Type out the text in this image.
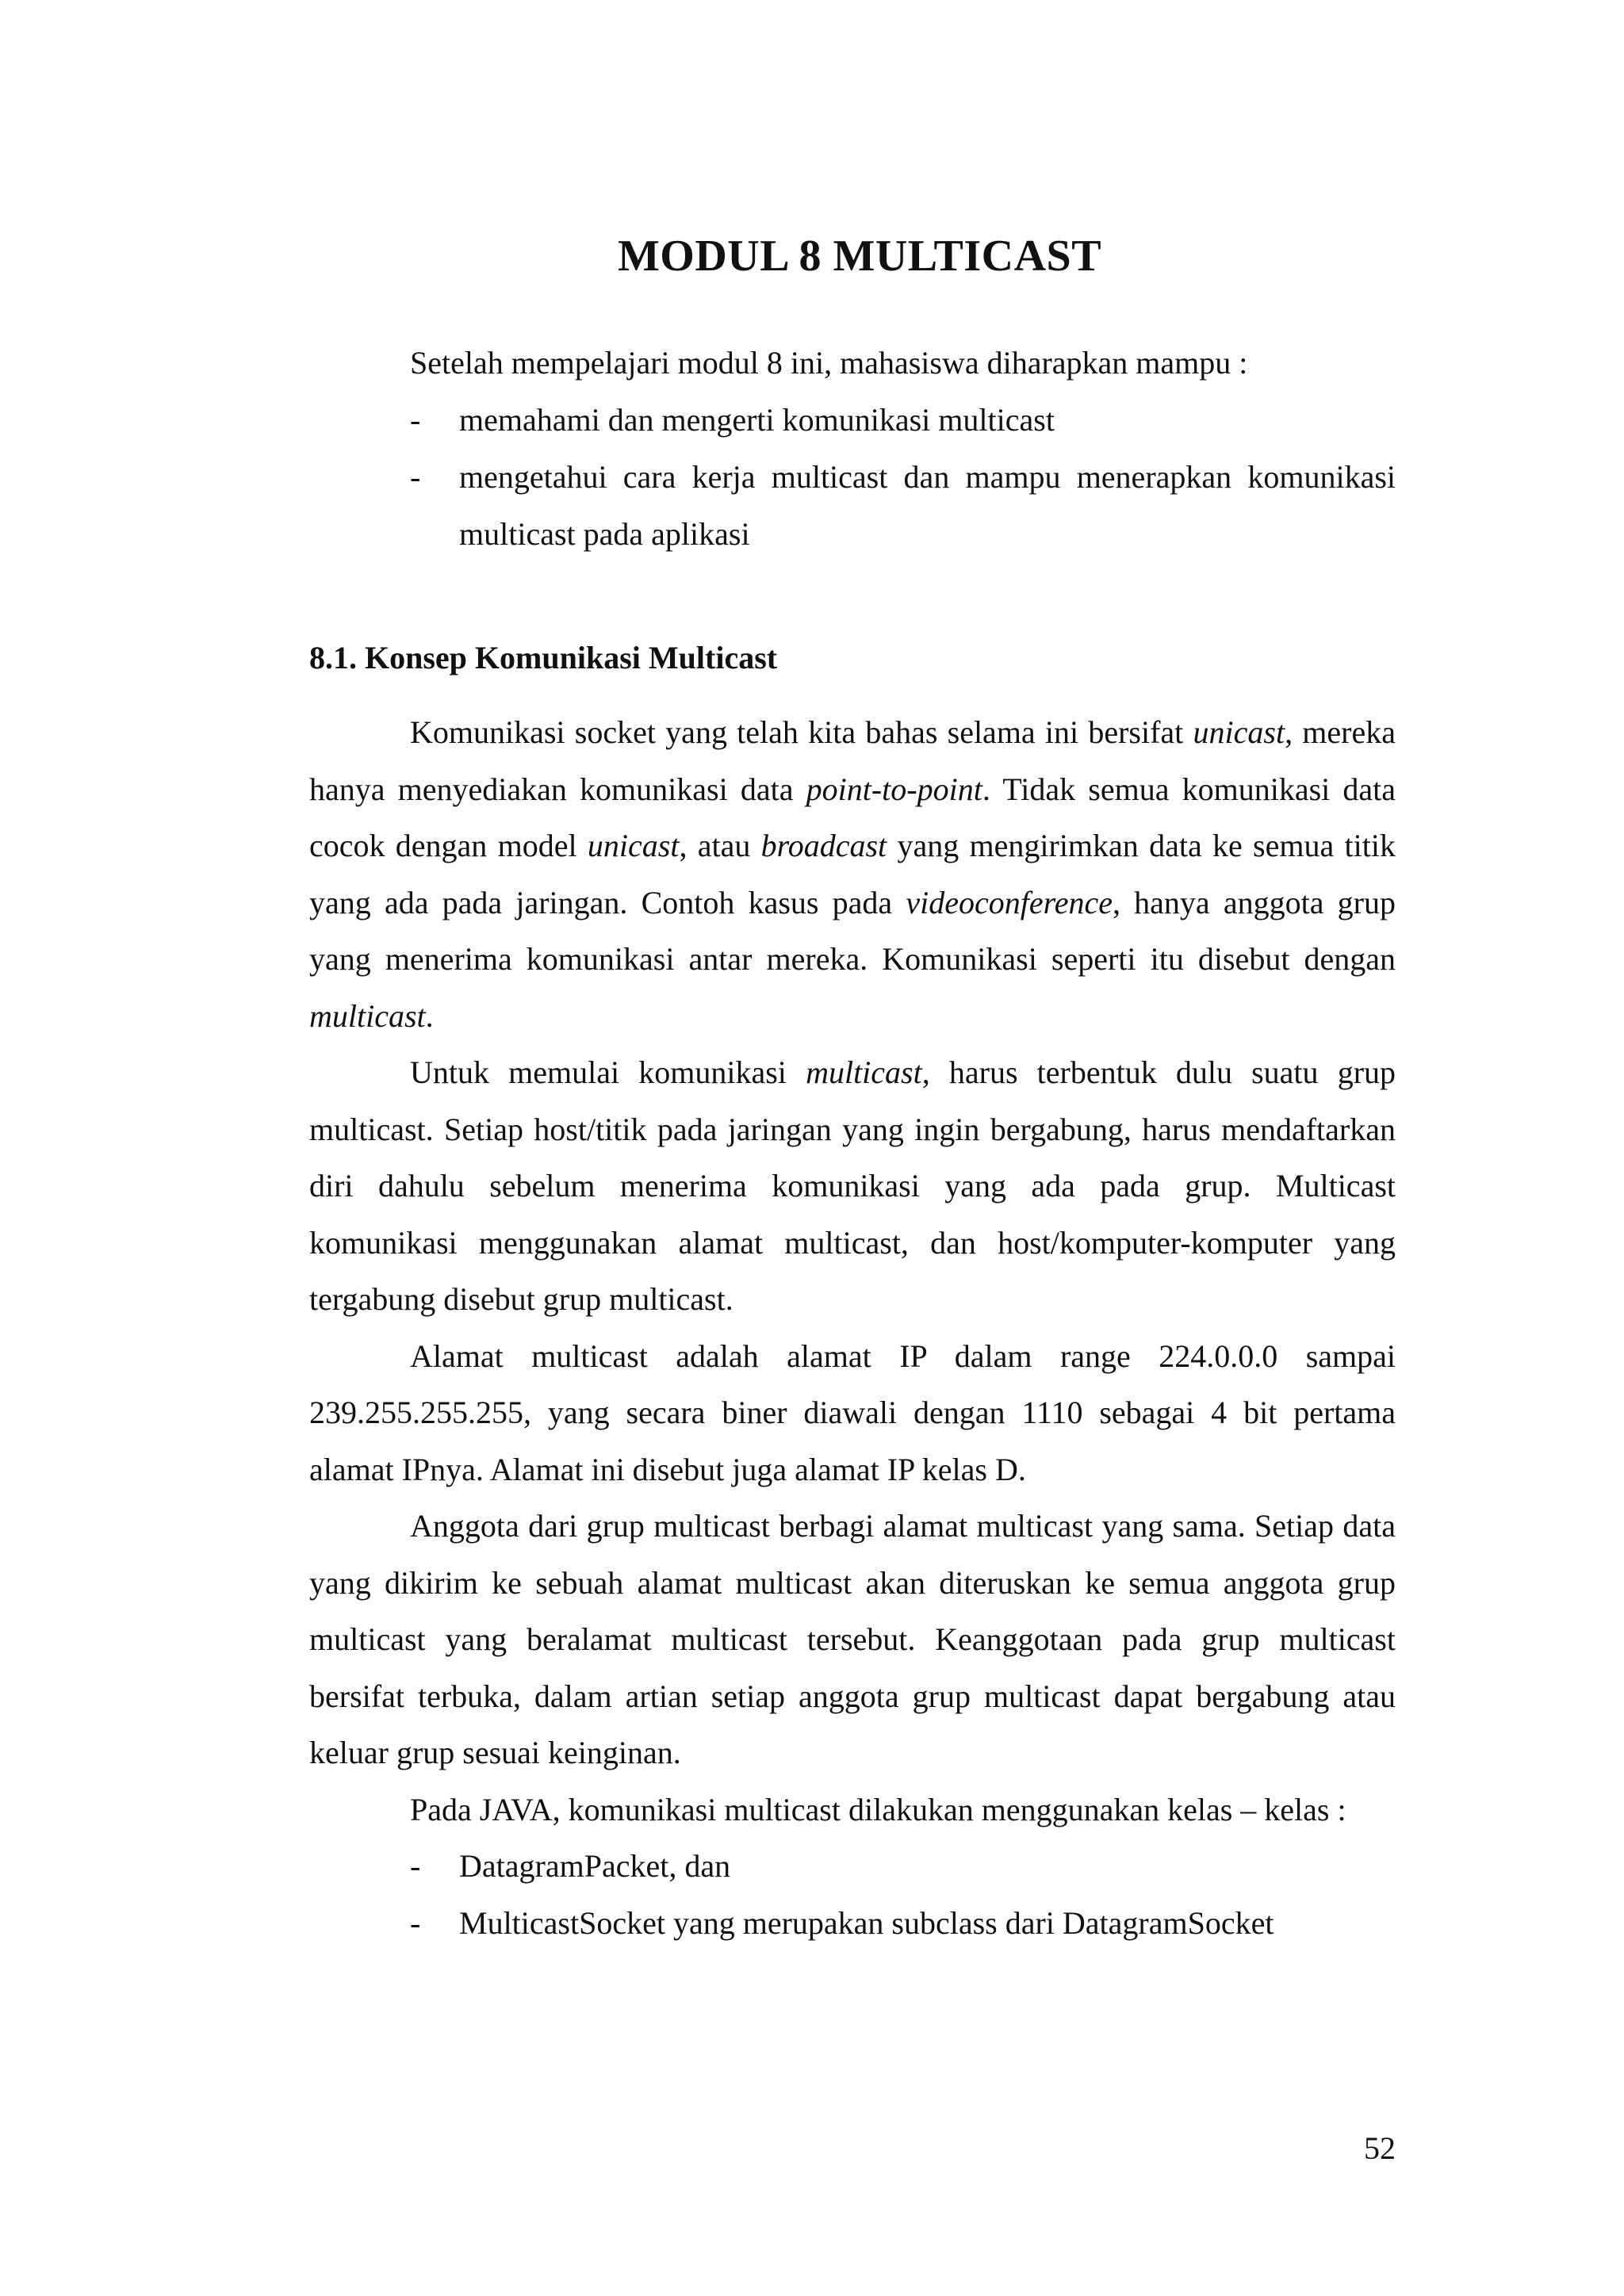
MODUL 8 MULTICAST

Setelah mempelajari modul 8 ini, mahasiswa diharapkan mampu :

- memahami dan mengerti komunikasi multicast
- mengetahui cara kerja multicast dan mampu menerapkan komunikasi multicast pada aplikasi
8.1. Konsep Komunikasi Multicast

Komunikasi socket yang telah kita bahas selama ini bersifat unicast, mereka hanya menyediakan komunikasi data point-to-point. Tidak semua komunikasi data cocok dengan model unicast, atau broadcast yang mengirimkan data ke semua titik yang ada pada jaringan. Contoh kasus pada videoconference, hanya anggota grup yang menerima komunikasi antar mereka. Komunikasi seperti itu disebut dengan multicast.

Untuk memulai komunikasi multicast, harus terbentuk dulu suatu grup multicast. Setiap host/titik pada jaringan yang ingin bergabung, harus mendaftarkan diri dahulu sebelum menerima komunikasi yang ada pada grup. Multicast komunikasi menggunakan alamat multicast, dan host/komputer-komputer yang tergabung disebut grup multicast.

Alamat multicast adalah alamat IP dalam range 224.0.0.0 sampai 239.255.255.255, yang secara biner diawali dengan 1110 sebagai 4 bit pertama alamat IPnya. Alamat ini disebut juga alamat IP kelas D.

Anggota dari grup multicast berbagi alamat multicast yang sama. Setiap data yang dikirim ke sebuah alamat multicast akan diteruskan ke semua anggota grup multicast yang beralamat multicast tersebut. Keanggotaan pada grup multicast bersifat terbuka, dalam artian setiap anggota grup multicast dapat bergabung atau keluar grup sesuai keinginan.

Pada JAVA, komunikasi multicast dilakukan menggunakan kelas – kelas :

- DatagramPacket, dan
- MulticastSocket yang merupakan subclass dari DatagramSocket
52
